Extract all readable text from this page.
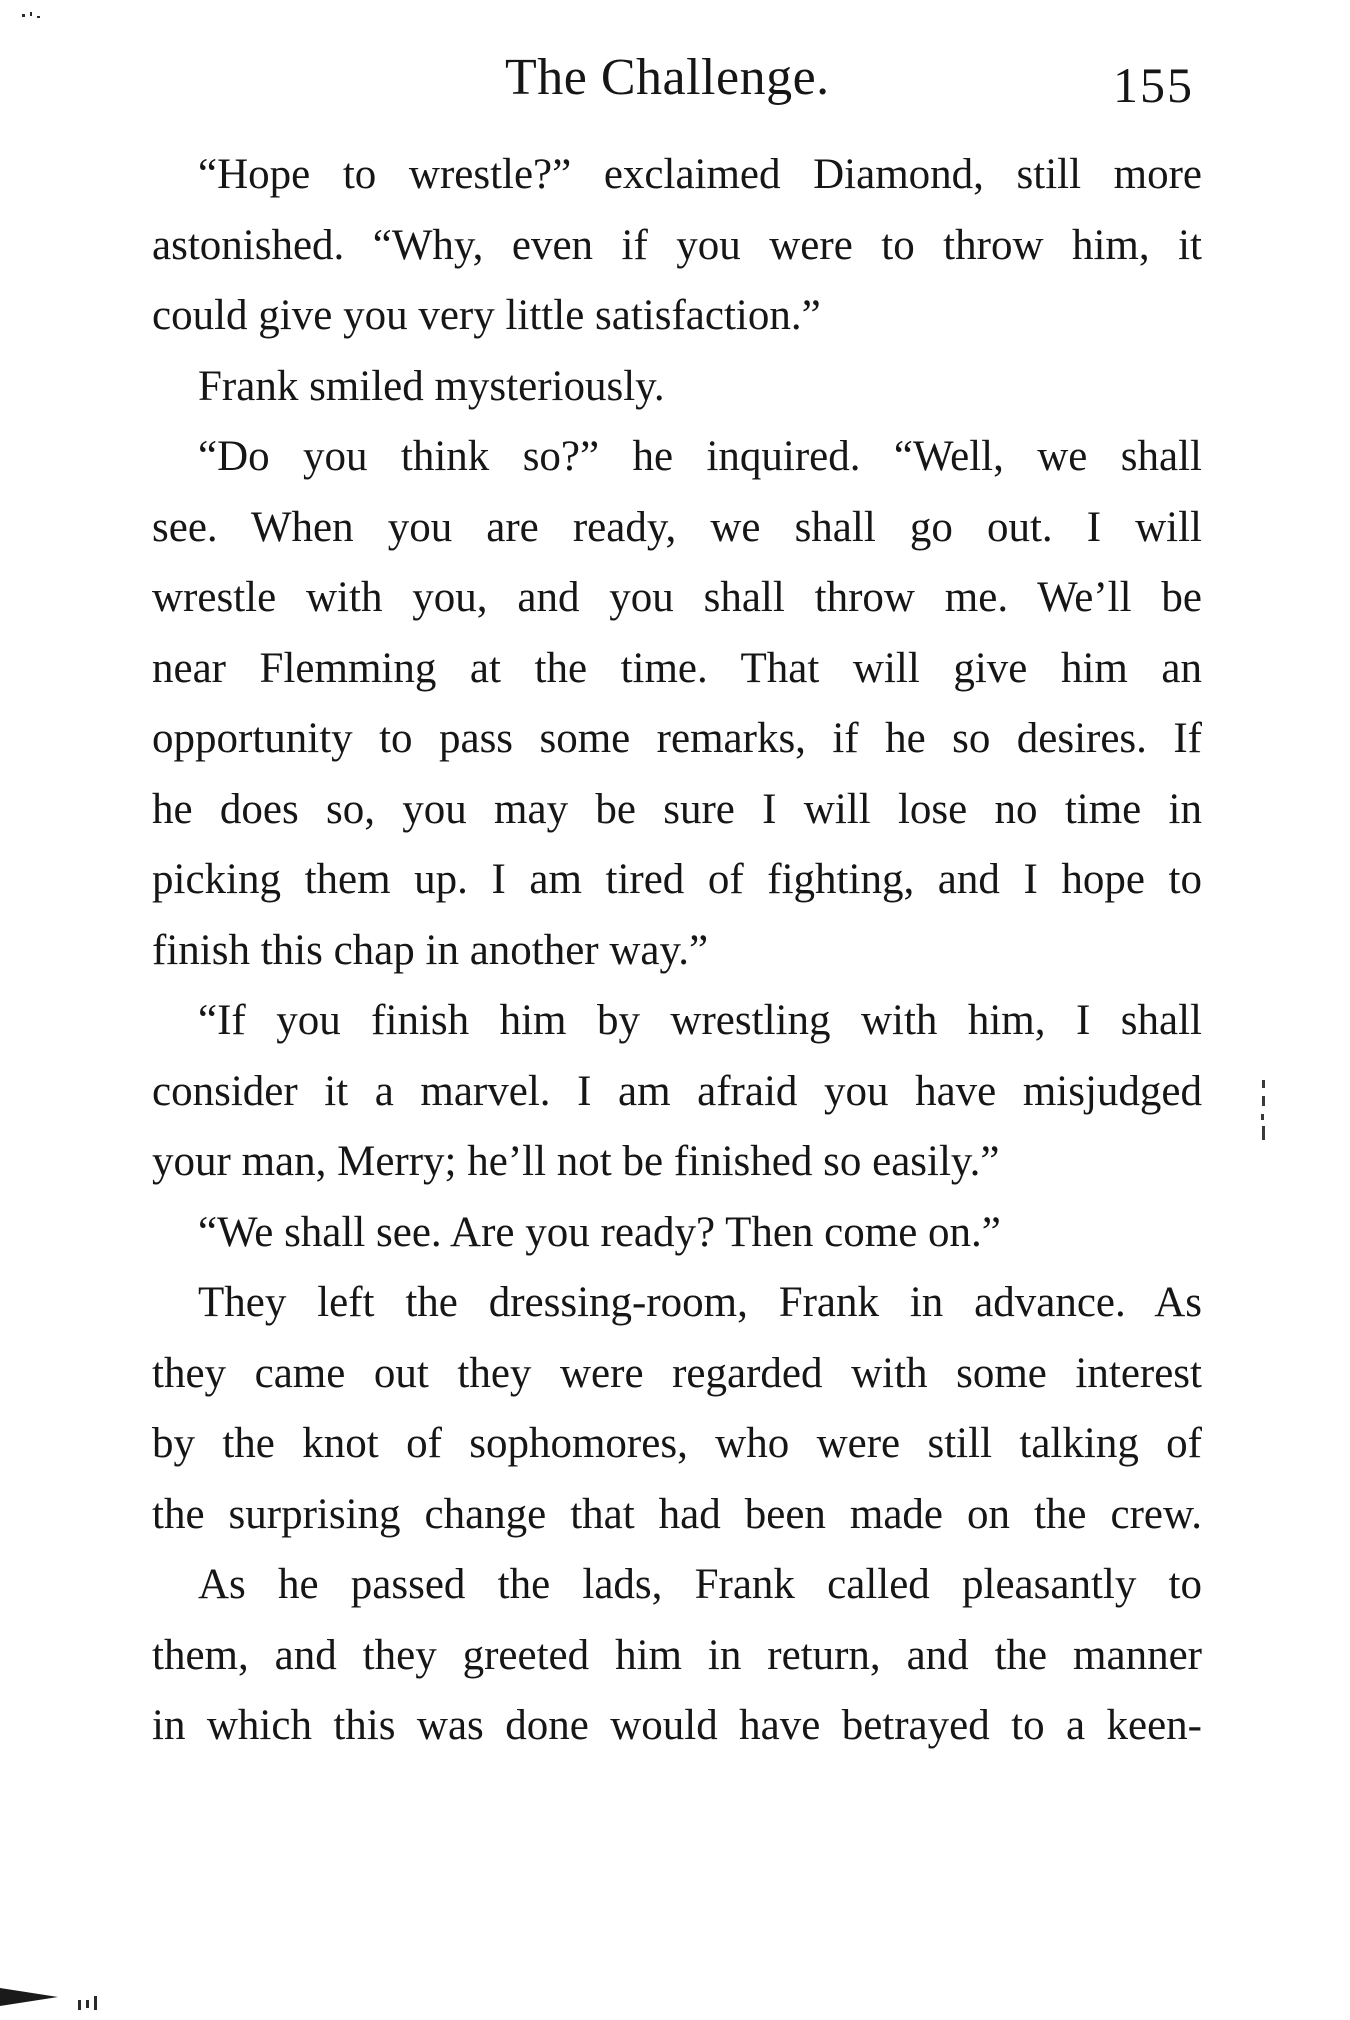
The Challenge.	155
“Hope to wrestle?” exclaimed Diamond, still more
astonished. “Why, even if you were to throw him, it
could give you very little satisfaction.”
Frank smiled mysteriously.
“Do you think so?” he inquired. “Well, we shall
see. When you are ready, we shall go out. I will
wrestle with you, and you shall throw me. We’ll be
near Flemming at the time. That will give him an
opportunity to pass some remarks, if he so desires. If
he does so, you may be sure I will lose no time in
picking them up. I am tired of fighting, and I hope to
finish this chap in another way.”
“If you finish him by wrestling with him, I shall
consider it a marvel. I am afraid you have misjudged
your man, Merry; he’ll not be finished so easily.”
“We shall see. Are you ready? Then come on.”
They left the dressing-room, Frank in advance. As
they came out they were regarded with some interest
by the knot of sophomores, who were still talking of
the surprising change that had been made on the crew.
As he passed the lads, Frank called pleasantly to
them, and they greeted him in return, and the manner
in which this was done would have betrayed to a keen-
